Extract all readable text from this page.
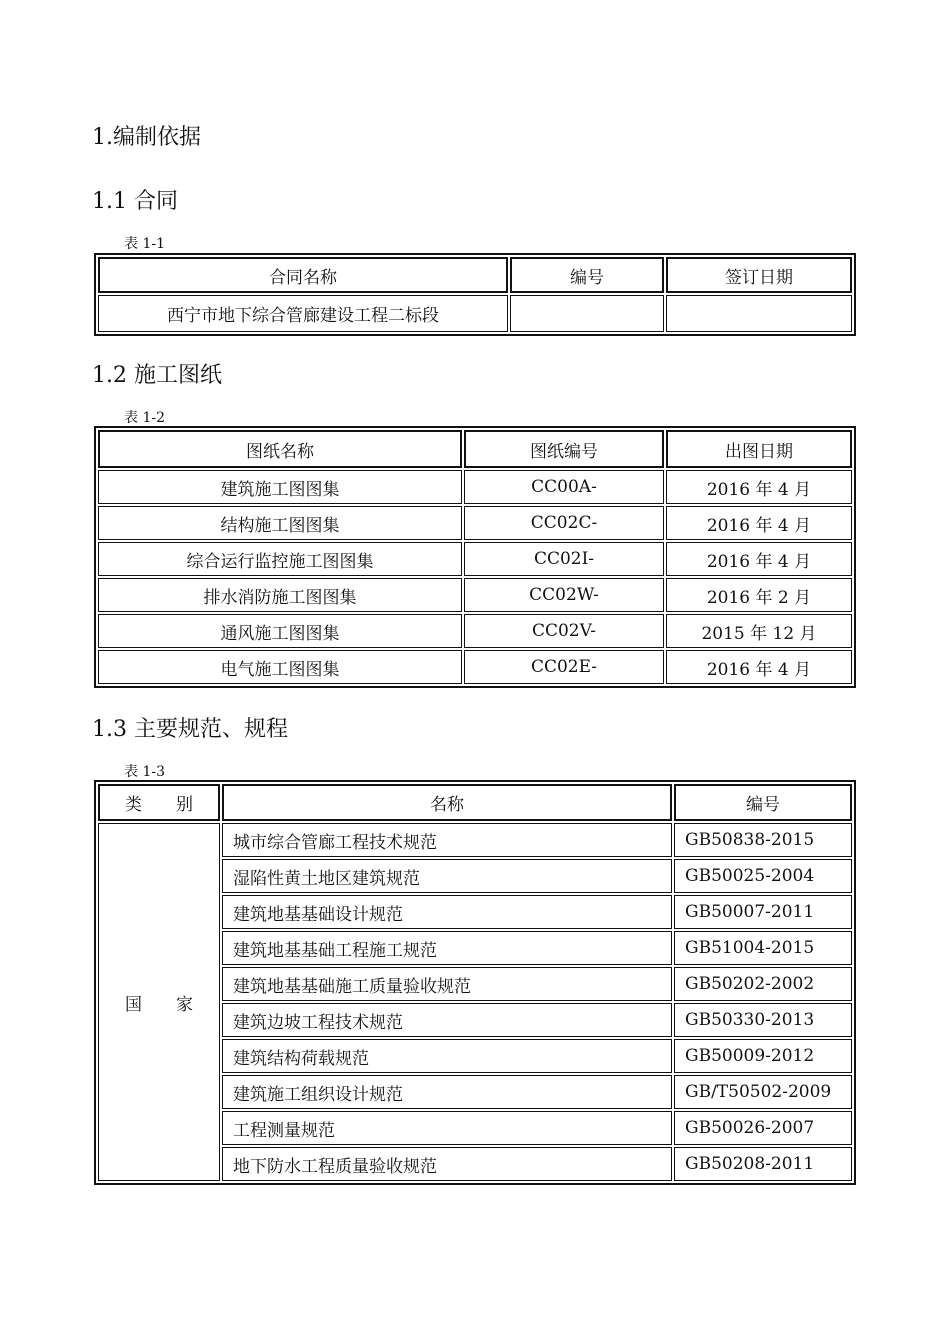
1.编制依据
1.1 合同
表 1-1
合同名称	编号	签订日期
西宁市地下综合管廊建设工程二标段		
1.2 施工图纸
表 1-2
图纸名称	图纸编号	出图日期
建筑施工图图集	CC00A-	2016 年 4 月
结构施工图图集	CC02C-	2016 年 4 月
综合运行监控施工图图集	CC02I-	2016 年 4 月
排水消防施工图图集	CC02W-	2016 年 2 月
通风施工图图集	CC02V-	2015 年 12 月
电气施工图图集	CC02E-	2016 年 4 月
1.3 主要规范、规程
表 1-3
类　　别	名称	编号
国　　家	城市综合管廊工程技术规范	GB50838-2015
	湿陷性黄土地区建筑规范	GB50025-2004
	建筑地基基础设计规范	GB50007-2011
	建筑地基基础工程施工规范	GB51004-2015
	建筑地基基础施工质量验收规范	GB50202-2002
	建筑边坡工程技术规范	GB50330-2013
	建筑结构荷载规范	GB50009-2012
	建筑施工组织设计规范	GB/T50502-2009
	工程测量规范	GB50026-2007
	地下防水工程质量验收规范	GB50208-2011
